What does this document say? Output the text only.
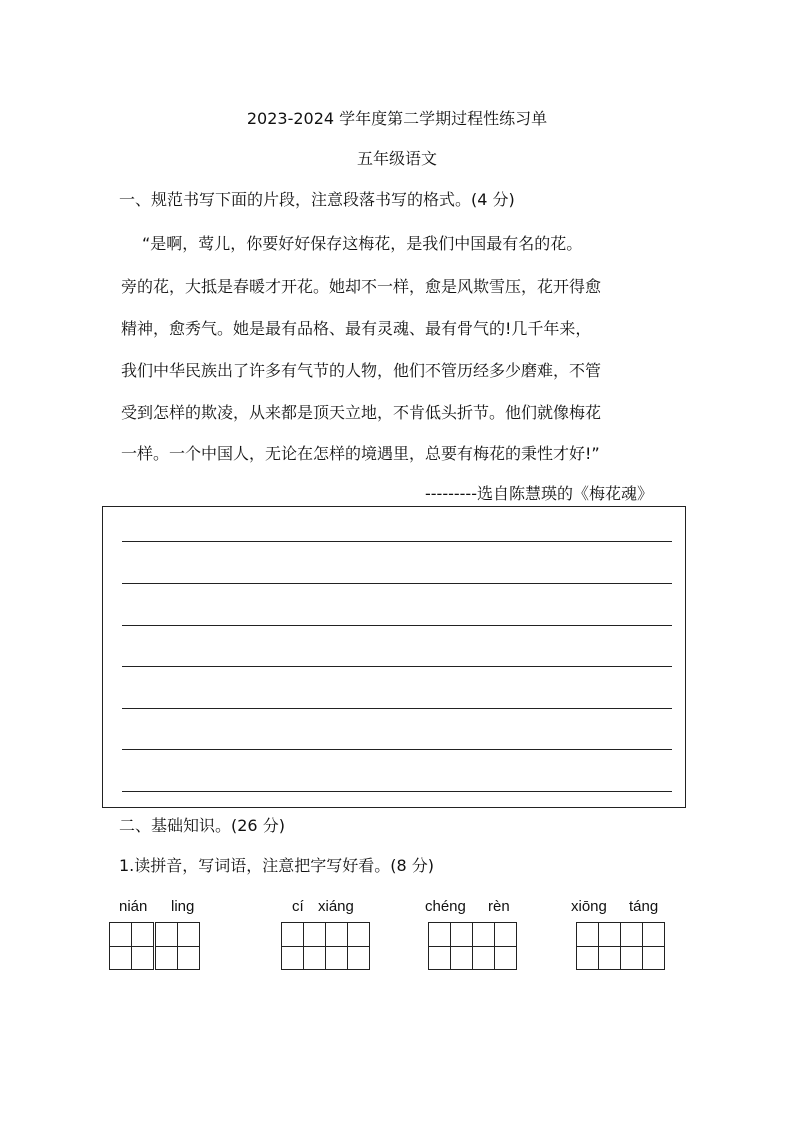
2023-2024 学年度第二学期过程性练习单
五年级语文
一、规范书写下面的片段，注意段落书写的格式。(4 分)
“是啊，莺儿，你要好好保存这梅花，是我们中国最有名的花。
旁的花，大抵是春暖才开花。她却不一样，愈是风欺雪压，花开得愈
精神，愈秀气。她是最有品格、最有灵魂、最有骨气的!几千年来，
我们中华民族出了许多有气节的人物，他们不管历经多少磨难，不管
受到怎样的欺凌，从来都是顶天立地，不肯低头折节。他们就像梅花
一样。一个中国人，无论在怎样的境遇里，总要有梅花的秉性才好!”
---------选自陈慧瑛的《梅花魂》
二、基础知识。(26 分)
1.读拼音，写词语，注意把字写好看。(8 分)
nián ling	cí xiáng	chéng rèn	xiōng táng
